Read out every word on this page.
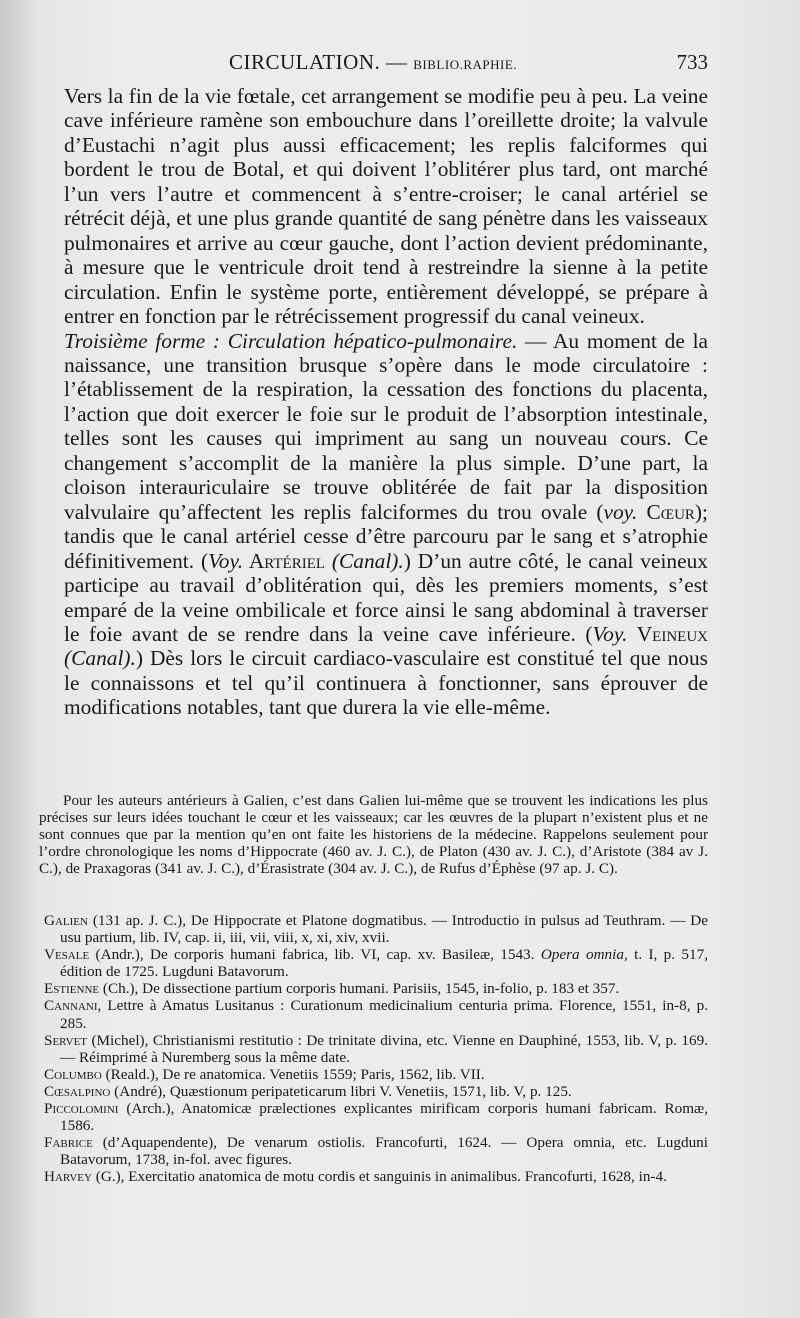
CIRCULATION. — BIBLIO.RAPHIE.	733

Vers la fin de la vie fœtale, cet arrangement se modifie peu à peu. La veine cave inférieure ramène son embouchure dans l’oreillette droite; la valvule d’Eustachi n’agit plus aussi efficacement; les replis falciformes qui bordent le trou de Botal, et qui doivent l’oblitérer plus tard, ont marché l’un vers l’autre et commencent à s’entre-croiser; le canal artériel se rétrécit déjà, et une plus grande quantité de sang pénètre dans les vaisseaux pulmonaires et arrive au cœur gauche, dont l’action devient prédominante, à mesure que le ventricule droit tend à restreindre la sienne à la petite circulation. Enfin le système porte, entièrement développé, se prépare à entrer en fonction par le rétrécissement progressif du canal veineux.

Troisième forme : Circulation hépatico-pulmonaire. — Au moment de la naissance, une transition brusque s’opère dans le mode circulatoire : l’établissement de la respiration, la cessation des fonctions du placenta, l’action que doit exercer le foie sur le produit de l’absorption intestinale, telles sont les causes qui impriment au sang un nouveau cours. Ce changement s’accomplit de la manière la plus simple. D’une part, la cloison interauriculaire se trouve oblitérée de fait par la disposition valvulaire qu’affectent les replis falciformes du trou ovale (voy. Cœur); tandis que le canal artériel cesse d’être parcouru par le sang et s’atrophie définitivement. (Voy. Artériel (Canal).) D’un autre côté, le canal veineux participe au travail d’oblitération qui, dès les premiers moments, s’est emparé de la veine ombilicale et force ainsi le sang abdominal à traverser le foie avant de se rendre dans la veine cave inférieure. (Voy. Veineux (Canal).) Dès lors le circuit cardiaco-vasculaire est constitué tel que nous le connaissons et tel qu’il continuera à fonctionner, sans éprouver de modifications notables, tant que durera la vie elle-même.

Pour les auteurs antérieurs à Galien, c’est dans Galien lui-même que se trouvent les indications les plus précises sur leurs idées touchant le cœur et les vaisseaux; car les œuvres de la plupart n’existent plus et ne sont connues que par la mention qu’en ont faite les historiens de la médecine. Rappelons seulement pour l’ordre chronologique les noms d’Hippocrate (460 av. J. C.), de Platon (430 av. J. C.), d’Aristote (384 av J. C.), de Praxagoras (341 av. J. C.), d’Érasistrate (304 av. J. C.), de Rufus d’Éphèse (97 ap. J. C).

Galien (131 ap. J. C.), De Hippocrate et Platone dogmatibus. — Introductio in pulsus ad Teuthram. — De usu partium, lib. IV, cap. ii, iii, vii, viii, x, xi, xiv, xvii.

Vesale (Andr.), De corporis humani fabrica, lib. VI, cap. xv. Basileæ, 1543. Opera omnia, t. I, p. 517, édition de 1725. Lugduni Batavorum.

Estienne (Ch.), De dissectione partium corporis humani. Parisiis, 1545, in-folio, p. 183 et 357.

Cannani, Lettre à Amatus Lusitanus : Curationum medicinalium centuria prima. Florence, 1551, in-8, p. 285.

Servet (Michel), Christianismi restitutio : De trinitate divina, etc. Vienne en Dauphiné, 1553, lib. V, p. 169. — Réimprimé à Nuremberg sous la même date.

Columbo (Reald.), De re anatomica. Venetiis 1559; Paris, 1562, lib. VII.

Cœsalpino (André), Quæstionum peripateticarum libri V. Venetiis, 1571, lib. V, p. 125.

Piccolomini (Arch.), Anatomicæ prælectiones explicantes mirificam corporis humani fabricam. Romæ, 1586.

Fabrice (d’Aquapendente), De venarum ostiolis. Francofurti, 1624. — Opera omnia, etc. Lugduni Batavorum, 1738, in-fol. avec figures.

Harvey (G.), Exercitatio anatomica de motu cordis et sanguinis in animalibus. Francofurti, 1628, in-4.
